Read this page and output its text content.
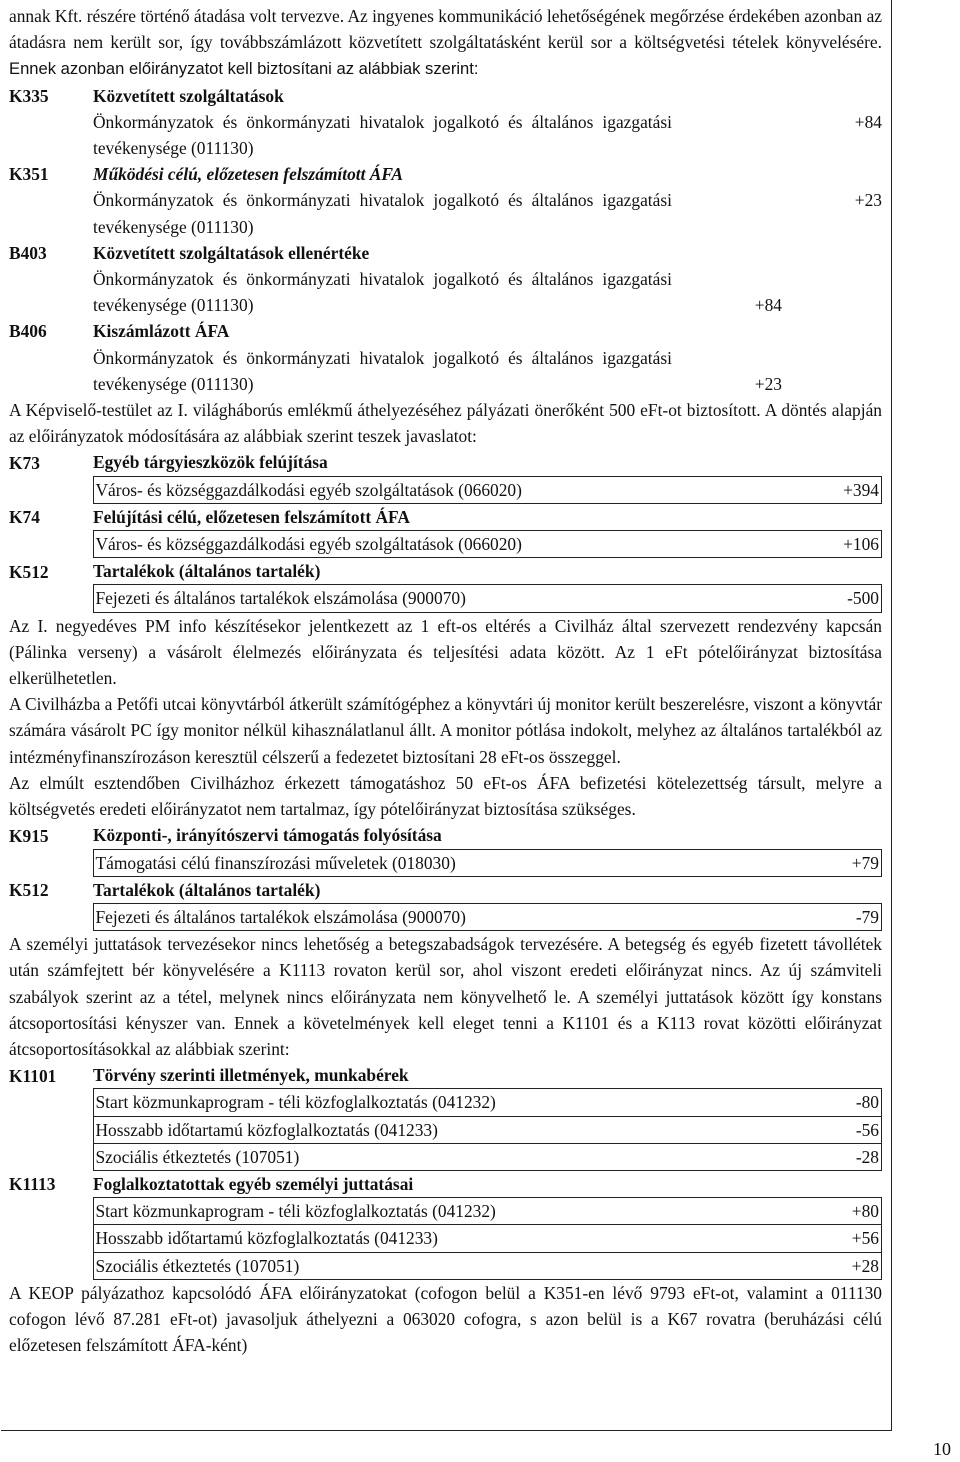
annak Kft. részére történő átadása volt tervezve. Az ingyenes kommunikáció lehetőségének megőrzése érdekében azonban az átadásra nem került sor, így továbbszámlázott közvetített szolgáltatásként kerül sor a költségvetési tételek könyvelésére. Ennek azonban előirányzatot kell biztosítani az alábbiak szerint:

K335	Közvetített szolgáltatások		
	Önkormányzatok és önkormányzati hivatalok jogalkotó és általános igazgatási tevékenysége (011130)		+84
K351	Működési célú, előzetesen felszámított ÁFA		
	Önkormányzatok és önkormányzati hivatalok jogalkotó és általános igazgatási tevékenysége (011130)		+23
B403	Közvetített szolgáltatások ellenértéke		
	Önkormányzatok és önkormányzati hivatalok jogalkotó és általános igazgatási tevékenysége (011130)	+84	
B406	Kiszámlázott ÁFA		
	Önkormányzatok és önkormányzati hivatalok jogalkotó és általános igazgatási tevékenysége (011130)	+23	

A Képviselő-testület az I. világháborús emlékmű áthelyezéséhez pályázati önerőként 500 eFt-ot biztosított. A döntés alapján az előirányzatok módosítására az alábbiak szerint teszek javaslatot:

K73	Egyéb tárgyieszközök felújítása	
	Város- és községgazdálkodási egyéb szolgáltatások (066020)	+394
K74	Felújítási célú, előzetesen felszámított ÁFA	
	Város- és községgazdálkodási egyéb szolgáltatások (066020)	+106
K512	Tartalékok (általános tartalék)	
	Fejezeti és általános tartalékok elszámolása (900070)	-500

Az I. negyedéves PM info készítésekor jelentkezett az 1 eft-os eltérés a Civilház által szervezett rendezvény kapcsán (Pálinka verseny) a vásárolt élelmezés előirányzata és teljesítési adata között. Az 1 eFt pótelőirányzat biztosítása elkerülhetetlen.

A Civilházba a Petőfi utcai könyvtárból átkerült számítógéphez a könyvtári új monitor került beszerelésre, viszont a könyvtár számára vásárolt PC így monitor nélkül kihasználatlanul állt. A monitor pótlása indokolt, melyhez az általános tartalékból az intézményfinanszírozáson keresztül célszerű a fedezetet biztosítani 28 eFt-os összeggel.

Az elmúlt esztendőben Civilházhoz érkezett támogatáshoz 50 eFt-os ÁFA befizetési kötelezettség társult, melyre a költségvetés eredeti előirányzatot nem tartalmaz, így pótelőirányzat biztosítása szükséges.

K915	Központi-, irányítószervi támogatás folyósítása	
	Támogatási célú finanszírozási műveletek (018030)	+79
K512	Tartalékok (általános tartalék)	
	Fejezeti és általános tartalékok elszámolása (900070)	-79

A személyi juttatások tervezésekor nincs lehetőség a betegszabadságok tervezésére. A betegség és egyéb fizetett távollétek után számfejtett bér könyvelésére a K1113 rovaton kerül sor, ahol viszont eredeti előirányzat nincs. Az új számviteli szabályok szerint az a tétel, melynek nincs előirányzata nem könyvelhető le. A személyi juttatások között így konstans átcsoportosítási kényszer van. Ennek a követelmények kell eleget tenni a K1101 és a K113 rovat közötti előirányzat átcsoportosításokkal az alábbiak szerint:

K1101	Törvény szerinti illetmények, munkabérek	
	Start közmunkaprogram - téli közfoglalkoztatás (041232)	-80
	Hosszabb időtartamú közfoglalkoztatás (041233)	-56
	Szociális étkeztetés (107051)	-28
K1113	Foglalkoztatottak egyéb személyi juttatásai	
	Start közmunkaprogram - téli közfoglalkoztatás (041232)	+80
	Hosszabb időtartamú közfoglalkoztatás (041233)	+56
	Szociális étkeztetés (107051)	+28

A KEOP pályázathoz kapcsolódó ÁFA előirányzatokat (cofogon belül a K351-en lévő 9793 eFt-ot, valamint a 011130 cofogon lévő 87.281 eFt-ot) javasoljuk áthelyezni a 063020 cofogra, s azon belül is a K67 rovatra (beruházási célú előzetesen felszámított ÁFA-ként)

10
